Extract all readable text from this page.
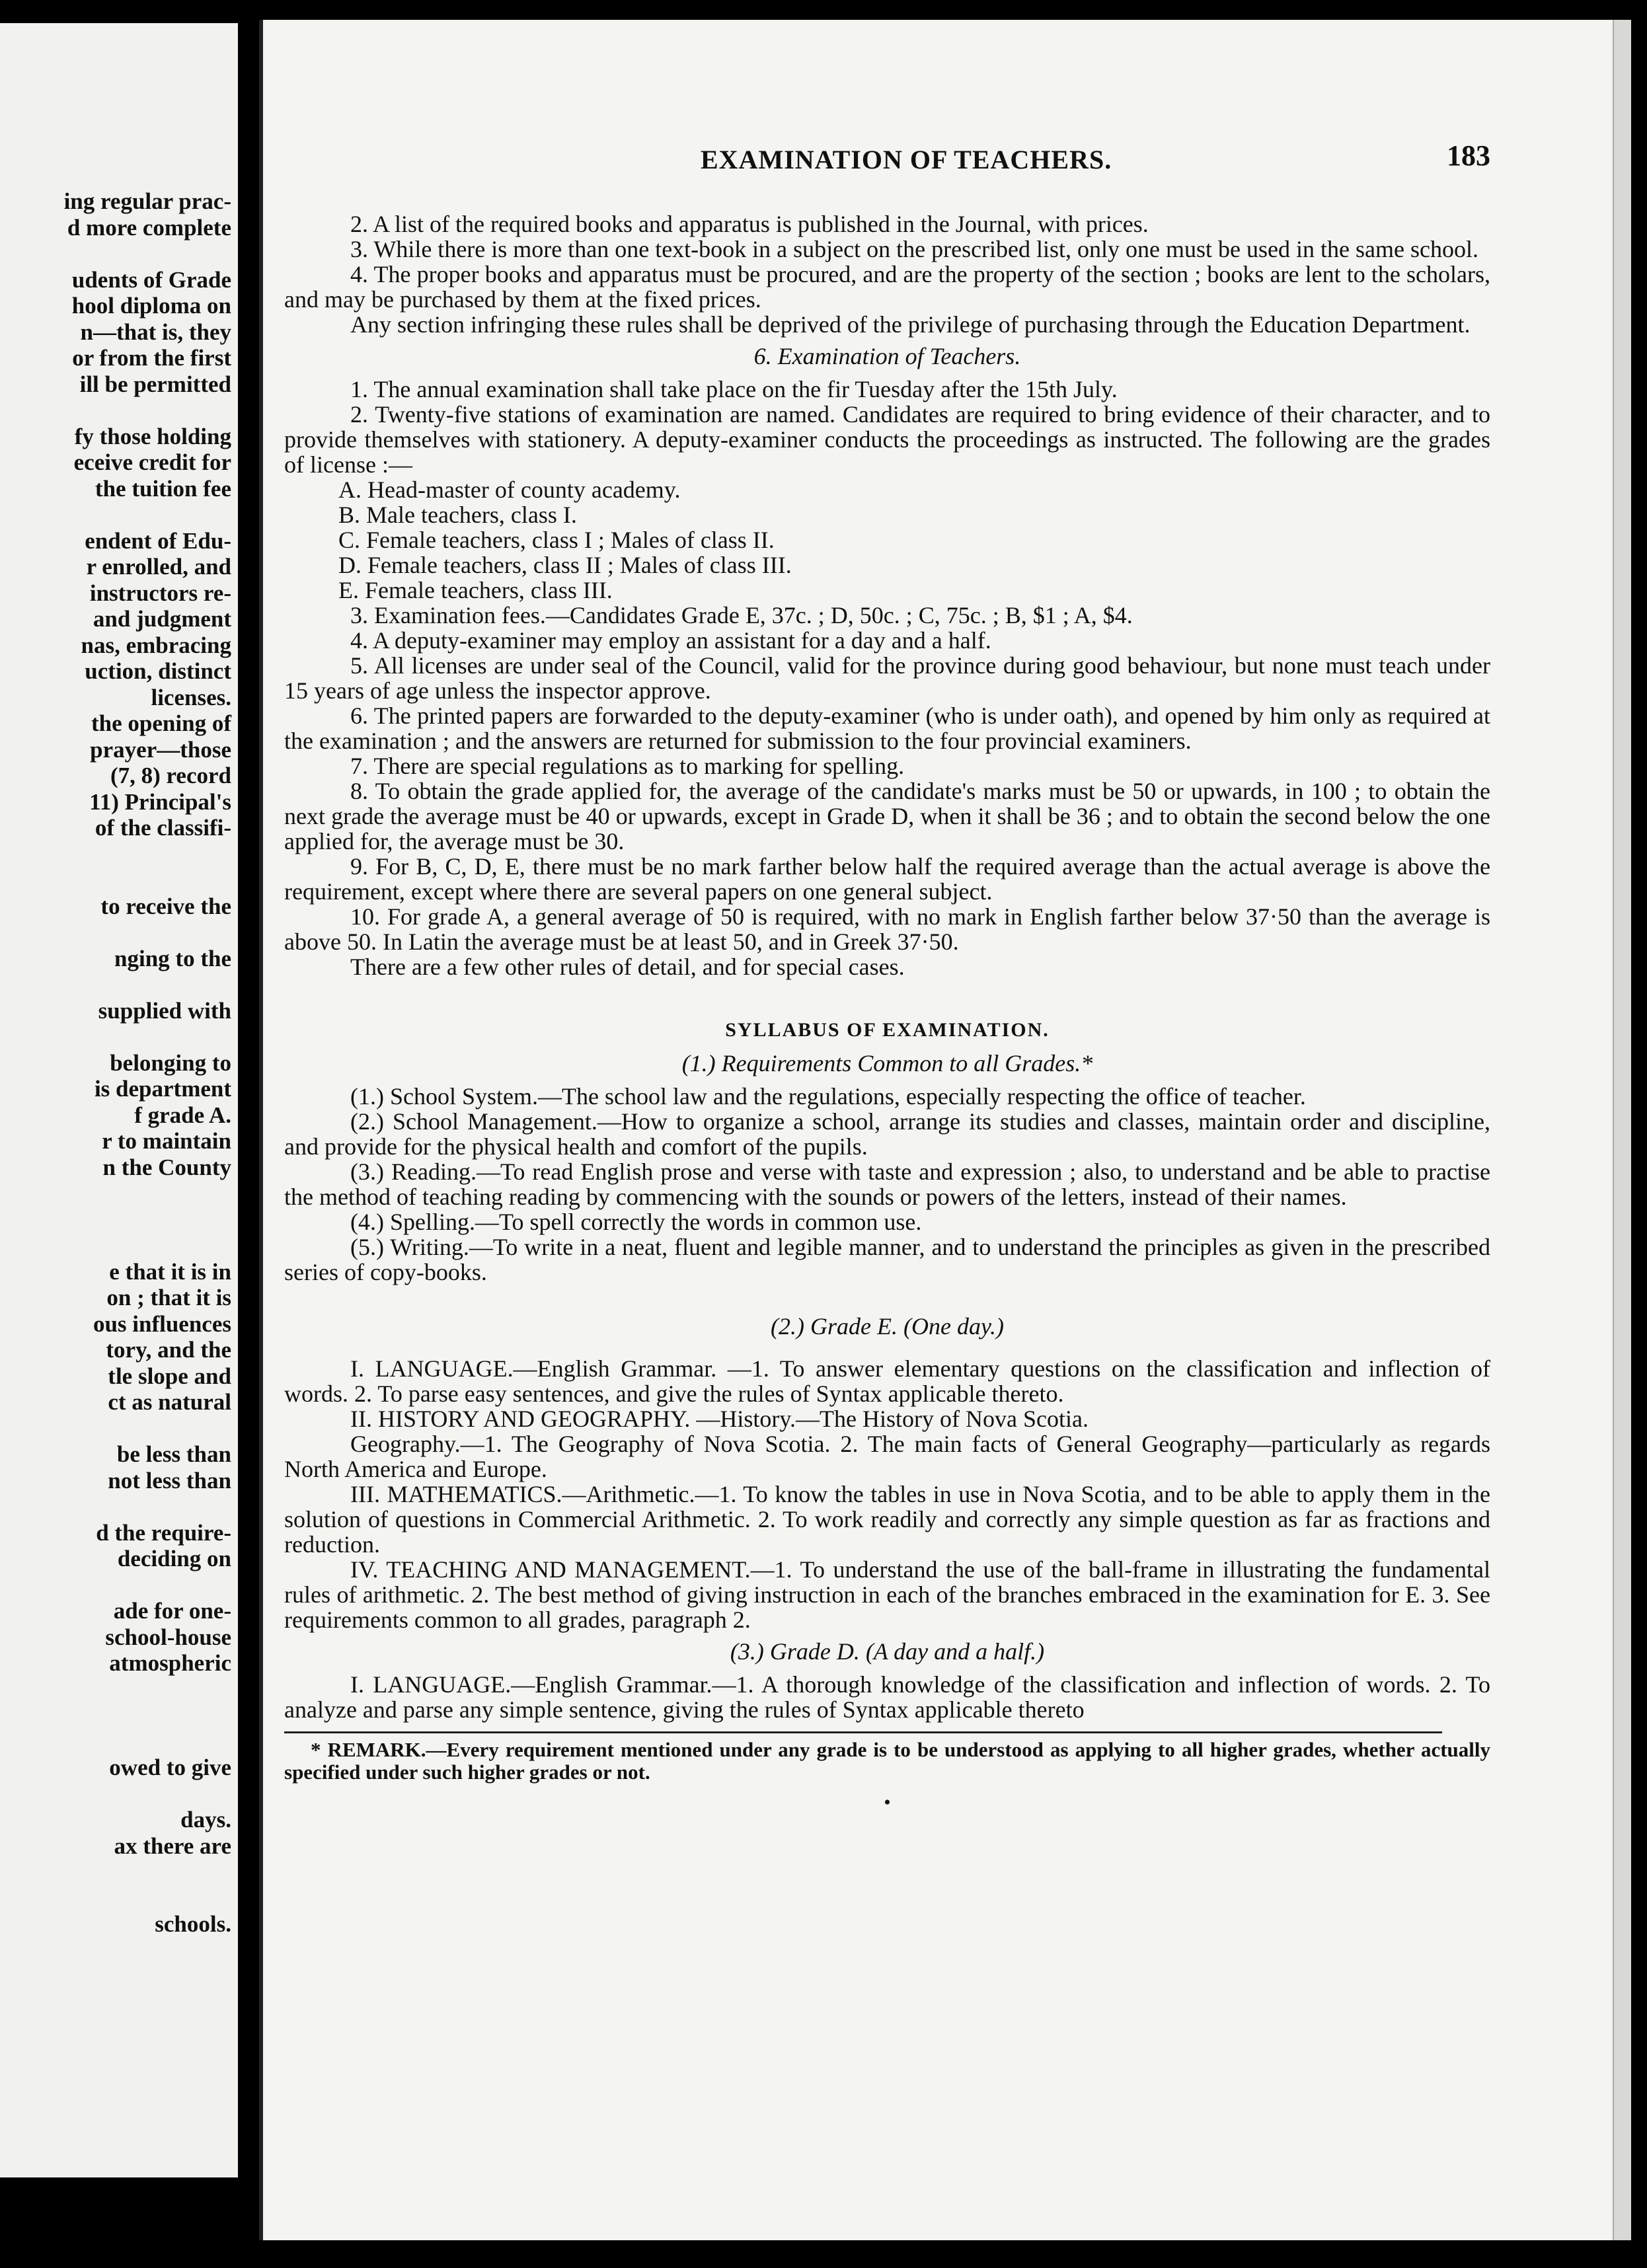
ing regular prac-
d more complete
udents of Grade
hool diploma on
n—that is, they
or from the first
ill be permitted
fy those holding
eceive credit for
the tuition fee
endent of Edu-
r enrolled, and
instructors re-
and judgment
nas, embracing
uction, distinct
licenses.
the opening of
prayer—those
(7, 8) record
11) Principal's
of the classifi-
to receive the
nging to the
supplied with
belonging to
is department
f grade A.
r to maintain
n the County
e that it is in
on ; that it is
ous influences
tory, and the
tle slope and
ct as natural
be less than
not less than
d the require-
deciding on
ade for one-
school-house
atmospheric
owed to give
days.
ax there are
schools.
EXAMINATION OF TEACHERS.	183

2. A list of the required books and apparatus is published in the Journal, with prices.

3. While there is more than one text-book in a subject on the prescribed list, only one must be used in the same school.

4. The proper books and apparatus must be procured, and are the property of the section ; books are lent to the scholars, and may be purchased by them at the fixed prices.

Any section infringing these rules shall be deprived of the privilege of purchasing through the Education Department.

6. Examination of Teachers.

1. The annual examination shall take place on the fir Tuesday after the 15th July.

2. Twenty-five stations of examination are named. Candidates are required to bring evidence of their character, and to provide themselves with stationery. A deputy-examiner conducts the proceedings as instructed. The following are the grades of license :—

A. Head-master of county academy.

B. Male teachers, class I.

C. Female teachers, class I ; Males of class II.

D. Female teachers, class II ; Males of class III.

E. Female teachers, class III.

3. Examination fees.—Candidates Grade E, 37c. ; D, 50c. ; C, 75c. ; B, $1 ; A, $4.

4. A deputy-examiner may employ an assistant for a day and a half.

5. All licenses are under seal of the Council, valid for the province during good behaviour, but none must teach under 15 years of age unless the inspector approve.

6. The printed papers are forwarded to the deputy-examiner (who is under oath), and opened by him only as required at the examination ; and the answers are returned for submission to the four provincial examiners.

7. There are special regulations as to marking for spelling.

8. To obtain the grade applied for, the average of the candidate's marks must be 50 or upwards, in 100 ; to obtain the next grade the average must be 40 or upwards, except in Grade D, when it shall be 36 ; and to obtain the second below the one applied for, the average must be 30.

9. For B, C, D, E, there must be no mark farther below half the required average than the actual average is above the requirement, except where there are several papers on one general subject.

10. For grade A, a general average of 50 is required, with no mark in English farther below 37·50 than the average is above 50. In Latin the average must be at least 50, and in Greek 37·50.

There are a few other rules of detail, and for special cases.

SYLLABUS OF EXAMINATION.

(1.) Requirements Common to all Grades.*

(1.) School System.—The school law and the regulations, especially respecting the office of teacher.

(2.) School Management.—How to organize a school, arrange its studies and classes, maintain order and discipline, and provide for the physical health and comfort of the pupils.

(3.) Reading.—To read English prose and verse with taste and expression ; also, to understand and be able to practise the method of teaching reading by commencing with the sounds or powers of the letters, instead of their names.

(4.) Spelling.—To spell correctly the words in common use.

(5.) Writing.—To write in a neat, fluent and legible manner, and to understand the principles as given in the prescribed series of copy-books.

(2.) Grade E. (One day.)

I. LANGUAGE.—English Grammar. —1. To answer elementary questions on the classification and inflection of words. 2. To parse easy sentences, and give the rules of Syntax applicable thereto.

II. HISTORY AND GEOGRAPHY. —History.—The History of Nova Scotia.

Geography.—1. The Geography of Nova Scotia. 2. The main facts of General Geography—particularly as regards North America and Europe.

III. MATHEMATICS.—Arithmetic.—1. To know the tables in use in Nova Scotia, and to be able to apply them in the solution of questions in Commercial Arithmetic. 2. To work readily and correctly any simple question as far as fractions and reduction.

IV. TEACHING AND MANAGEMENT.—1. To understand the use of the ball-frame in illustrating the fundamental rules of arithmetic. 2. The best method of giving instruction in each of the branches embraced in the examination for E. 3. See requirements common to all grades, paragraph 2.

(3.) Grade D. (A day and a half.)

I. LANGUAGE.—English Grammar.—1. A thorough knowledge of the classification and inflection of words. 2. To analyze and parse any simple sentence, giving the rules of Syntax applicable thereto

* REMARK.—Every requirement mentioned under any grade is to be understood as applying to all higher grades, whether actually specified under such higher grades or not.

•
